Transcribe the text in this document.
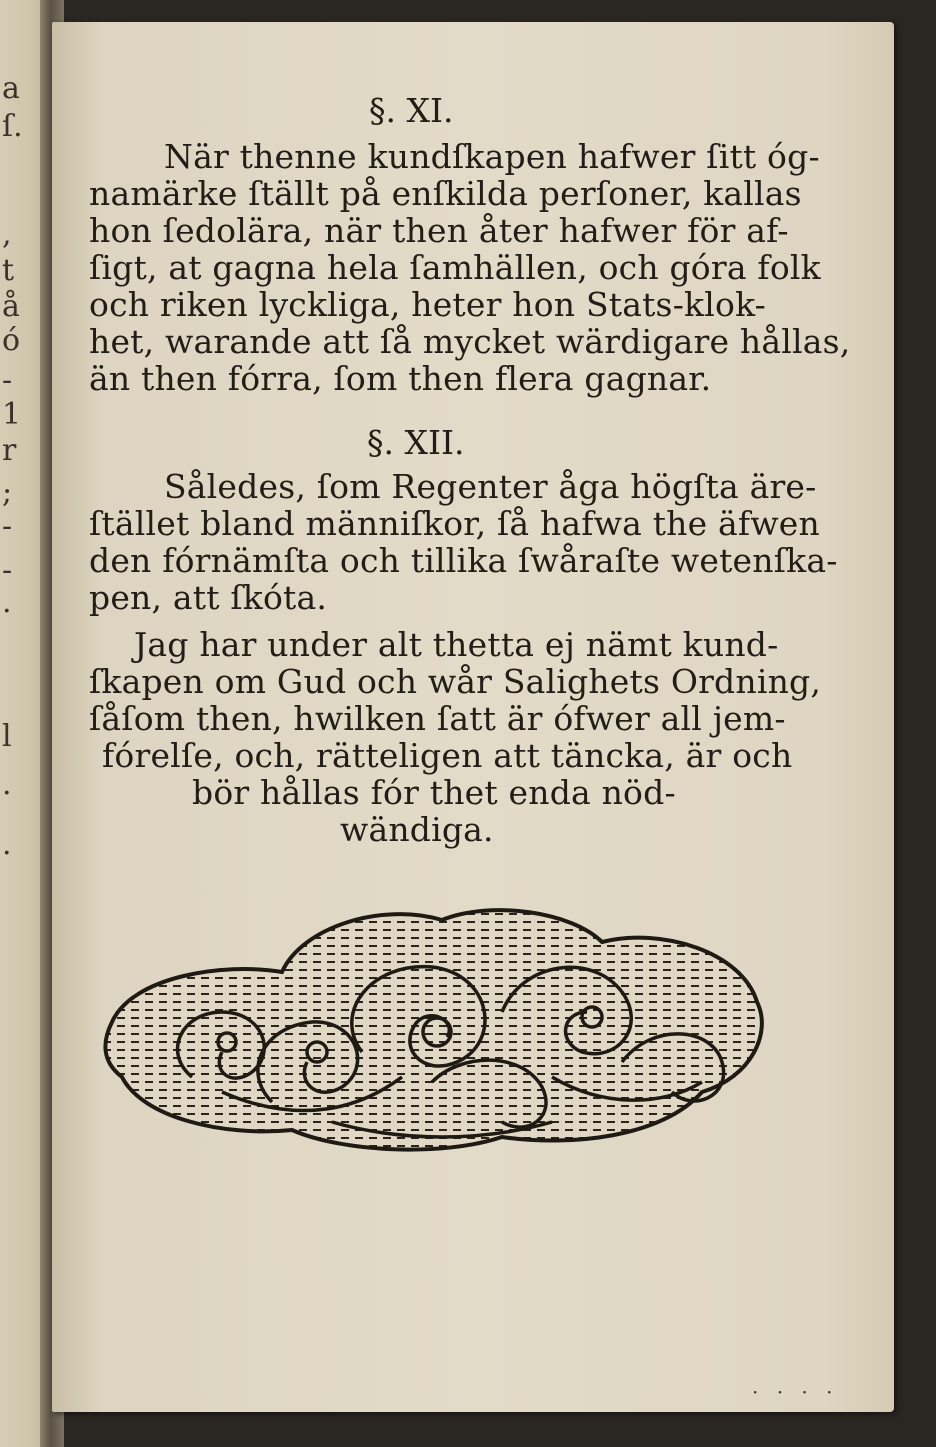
a
ſ.
,
t
å
ó
-
1
r
;
-
-
.
l
.
.
§. XI.
När thenne kundſkapen hafwer ſitt óg-
namärke ſtällt på enſkilda perſoner, kallas
hon ſedolära, när then åter hafwer för af-
ſigt, at gagna hela ſamhällen, och góra folk
och riken lyckliga, heter hon Stats-klok-
het, warande att ſå mycket wärdigare hållas,
än then fórra, ſom then flera gagnar.
§. XII.
Således, ſom Regenter åga högſta äre-
ſtället bland männiſkor, ſå hafwa the äfwen
den fórnämſta och tillika ſwåraſte wetenſka-
pen, att ſkóta.
Jag har under alt thetta ej nämt kund-
ſkapen om Gud och wår Salighets Ordning,
ſåſom then, hwilken ſatt är ófwer all jem-
fórelſe, och, rätteligen att täncka, är och
bör hållas fór thet enda nöd-
wändiga.
· · · ·
